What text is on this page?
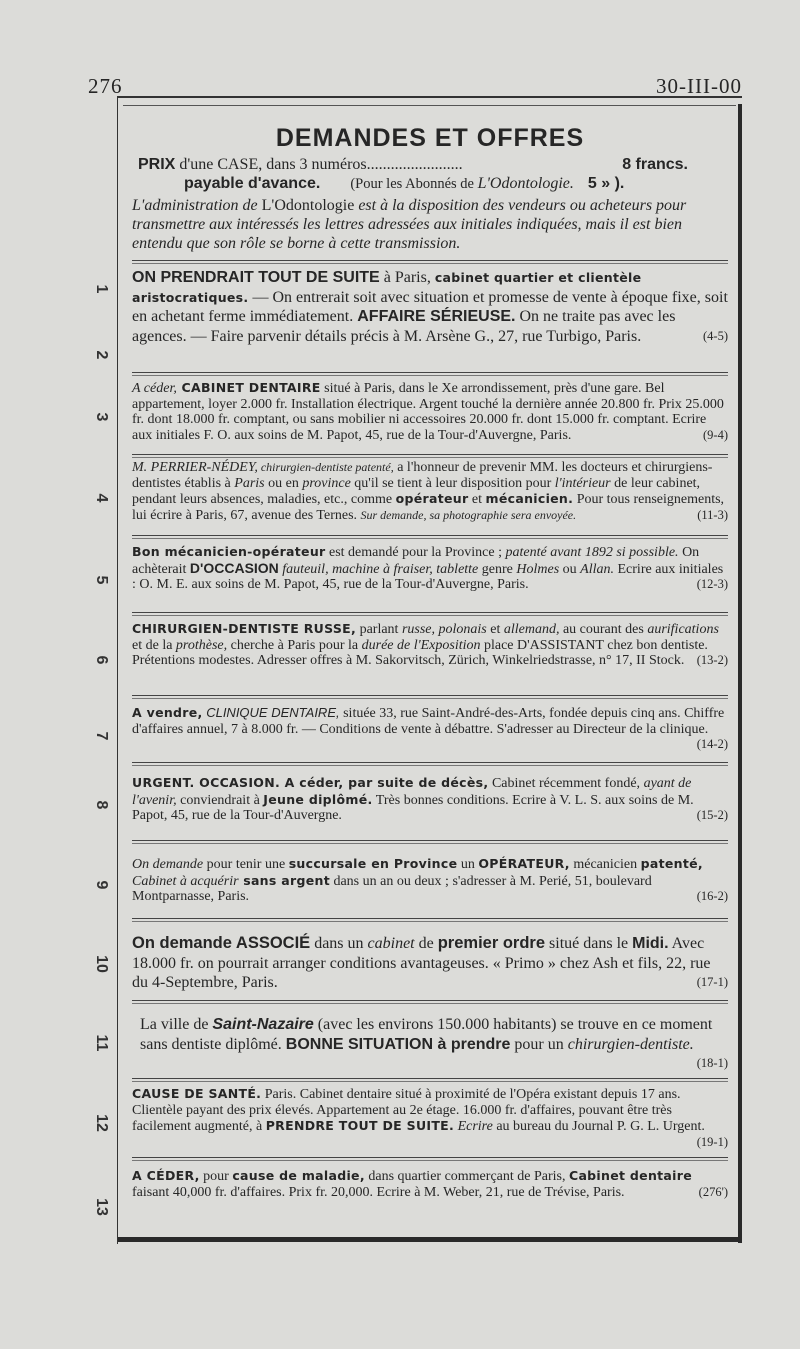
276	30-III-00
1
2
3
4
5
6
7
8
9
10
11
12
13
DEMANDES ET OFFRES
PRIX d'une CASE, dans 3 numéros........................	8 francs.
payable d'avance. (Pour les Abonnés de L'Odontologie. 5 » ).
L'administration de L'Odontologie est à la disposition des vendeurs ou acheteurs pour transmettre aux intéressés les lettres adressées aux initiales indiquées, mais il est bien entendu que son rôle se borne à cette transmission.
ON PRENDRAIT TOUT DE SUITE à Paris, cabinet quartier et clientèle aristocratiques. — On entrerait soit avec situation et promesse de vente à époque fixe, soit en achetant ferme immédiatement. AFFAIRE SÉRIEUSE. On ne traite pas avec les agences. — Faire parvenir détails précis à M. Arsène G., 27, rue Turbigo, Paris.	(4-5)
A céder, CABINET DENTAIRE situé à Paris, dans le Xe arrondissement, près d'une gare. Bel appartement, loyer 2.000 fr. Installation électrique. Argent touché la dernière année 20.800 fr. Prix 25.000 fr. dont 18.000 fr. comptant, ou sans mobilier ni accessoires 20.000 fr. dont 15.000 fr. comptant. Ecrire aux initiales F. O. aux soins de M. Papot, 45, rue de la Tour-d'Auvergne, Paris.	(9-4)
M. PERRIER-NÉDEY, chirurgien-dentiste patenté, a l'honneur de prevenir MM. les docteurs et chirurgiens-dentistes établis à Paris ou en province qu'il se tient à leur disposition pour l'intérieur de leur cabinet, pendant leurs absences, maladies, etc., comme opérateur et mécanicien. Pour tous renseignements, lui écrire à Paris, 67, avenue des Ternes. Sur demande, sa photographie sera envoyée.	(11-3)
Bon mécanicien-opérateur est demandé pour la Province ; patenté avant 1892 si possible. On achèterait D'OCCASION fauteuil, machine à fraiser, tablette genre Holmes ou Allan. Ecrire aux initiales : O. M. E. aux soins de M. Papot, 45, rue de la Tour-d'Auvergne, Paris.	(12-3)
CHIRURGIEN-DENTISTE RUSSE, parlant russe, polonais et allemand, au courant des aurifications et de la prothèse, cherche à Paris pour la durée de l'Exposition place D'ASSISTANT chez bon dentiste. Prétentions modestes. Adresser offres à M. Sakorvitsch, Zürich, Winkelriedstrasse, n° 17, II Stock. (13-2)
A vendre, CLINIQUE DENTAIRE, située 33, rue Saint-André-des-Arts, fondée depuis cinq ans. Chiffre d'affaires annuel, 7 à 8.000 fr. — Conditions de vente à débattre. S'adresser au Directeur de la clinique.
(14-2)
URGENT. OCCASION. A céder, par suite de décès, Cabinet récemment fondé, ayant de l'avenir, conviendrait à Jeune diplômé. Très bonnes conditions. Ecrire à V. L. S. aux soins de M. Papot, 45, rue de la Tour-d'Auvergne.	(15-2)
On demande pour tenir une succursale en Province un OPÉRATEUR, mécanicien patenté, Cabinet à acquérir sans argent dans un an ou deux ; s'adresser à M. Perié, 51, boulevard Montparnasse, Paris.	(16-2)
On demande ASSOCIÉ dans un cabinet de premier ordre situé dans le Midi. Avec 18.000 fr. on pourrait arranger conditions avantageuses. « Primo » chez Ash et fils, 22, rue du 4-Septembre, Paris.	(17-1)
La ville de Saint-Nazaire (avec les environs 150.000 habitants) se trouve en ce moment sans dentiste diplômé. BONNE SITUATION à prendre pour un chirurgien-dentiste.
(18-1)
CAUSE DE SANTÉ. Paris. Cabinet dentaire situé à proximité de l'Opéra existant depuis 17 ans. Clientèle payant des prix élevés. Appartement au 2e étage. 16.000 fr. d'affaires, pouvant être très facilement augmenté, à PRENDRE TOUT DE SUITE. Ecrire au bureau du Journal P. G. L. Urgent.
(19-1)
A CÉDER, pour cause de maladie, dans quartier commerçant de Paris, Cabinet dentaire faisant 40,000 fr. d'affaires. Prix fr. 20,000. Ecrire à M. Weber, 21, rue de Trévise, Paris.	(276')
